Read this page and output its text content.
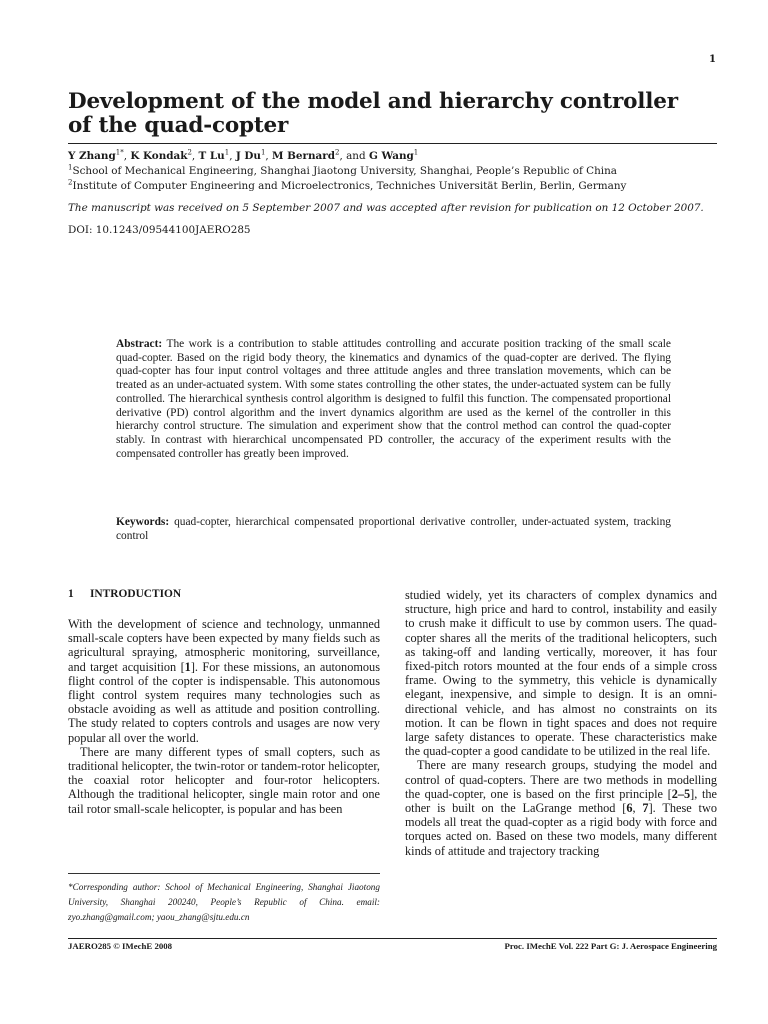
1
Development of the model and hierarchy controller of the quad-copter
Y Zhang$^{1*}$, K Kondak$^2$, T Lu$^1$, J Du$^1$, M Bernard$^2$, and G Wang$^1$
$^1$School of Mechanical Engineering, Shanghai Jiaotong University, Shanghai, People’s Republic of China
$^2$Institute of Computer Engineering and Microelectronics, Techniches Universität Berlin, Berlin, Germany
The manuscript was received on 5 September 2007 and was accepted after revision for publication on 12 October 2007.
DOI: 10.1243/09544100JAERO285
Abstract: The work is a contribution to stable attitudes controlling and accurate position tracking of the small scale quad-copter. Based on the rigid body theory, the kinematics and dynamics of the quad-copter are derived. The flying quad-copter has four input control voltages and three attitude angles and three translation movements, which can be treated as an under-actuated system. With some states controlling the other states, the under-actuated system can be fully controlled. The hierarchical synthesis control algorithm is designed to fulfil this function. The compensated proportional derivative (PD) control algorithm and the invert dynamics algorithm are used as the kernel of the controller in this hierarchy control structure. The simulation and experiment show that the control method can control the quad-copter stably. In contrast with hierarchical uncompensated PD controller, the accuracy of the experiment results with the compensated controller has greatly been improved.
Keywords: quad-copter, hierarchical compensated proportional derivative controller, under-actuated system, tracking control
1 INTRODUCTION

With the development of science and technology, unmanned small-scale copters have been expected by many fields such as agricultural spraying, atmospheric monitoring, surveillance, and target acquisition [1]. For these missions, an autonomous flight control of the copter is indispensable. This autonomous flight control system requires many technologies such as obstacle avoiding as well as attitude and position controlling. The study related to copters controls and usages are now very popular all over the world.

There are many different types of small copters, such as traditional helicopter, the twin-rotor or tandem-rotor helicopter, the coaxial rotor helicopter and four-rotor helicopters. Although the traditional helicopter, single main rotor and one tail rotor small-scale helicopter, is popular and has been

studied widely, yet its characters of complex dynamics and structure, high price and hard to control, instability and easily to crush make it difficult to use by common users. The quad-copter shares all the merits of the traditional helicopters, such as taking-off and landing vertically, moreover, it has four fixed-pitch rotors mounted at the four ends of a simple cross frame. Owing to the symmetry, this vehicle is dynamically elegant, inexpensive, and simple to design. It is an omni-directional vehicle, and has almost no constraints on its motion. It can be flown in tight spaces and does not require large safety distances to operate. These characteristics make the quad-copter a good candidate to be utilized in the real life.

There are many research groups, studying the model and control of quad-copters. There are two methods in modelling the quad-copter, one is based on the first principle [2–5], the other is built on the LaGrange method [6, 7]. These two models all treat the quad-copter as a rigid body with force and torques acted on. Based on these two models, many different kinds of attitude and trajectory tracking

*Corresponding author: School of Mechanical Engineering, Shanghai Jiaotong University, Shanghai 200240, People’s Republic of China. email: zyo.zhang@gmail.com; yaou_zhang@sjtu.edu.cn
JAERO285 © IMechE 2008	Proc. IMechE Vol. 222 Part G: J. Aerospace Engineering
